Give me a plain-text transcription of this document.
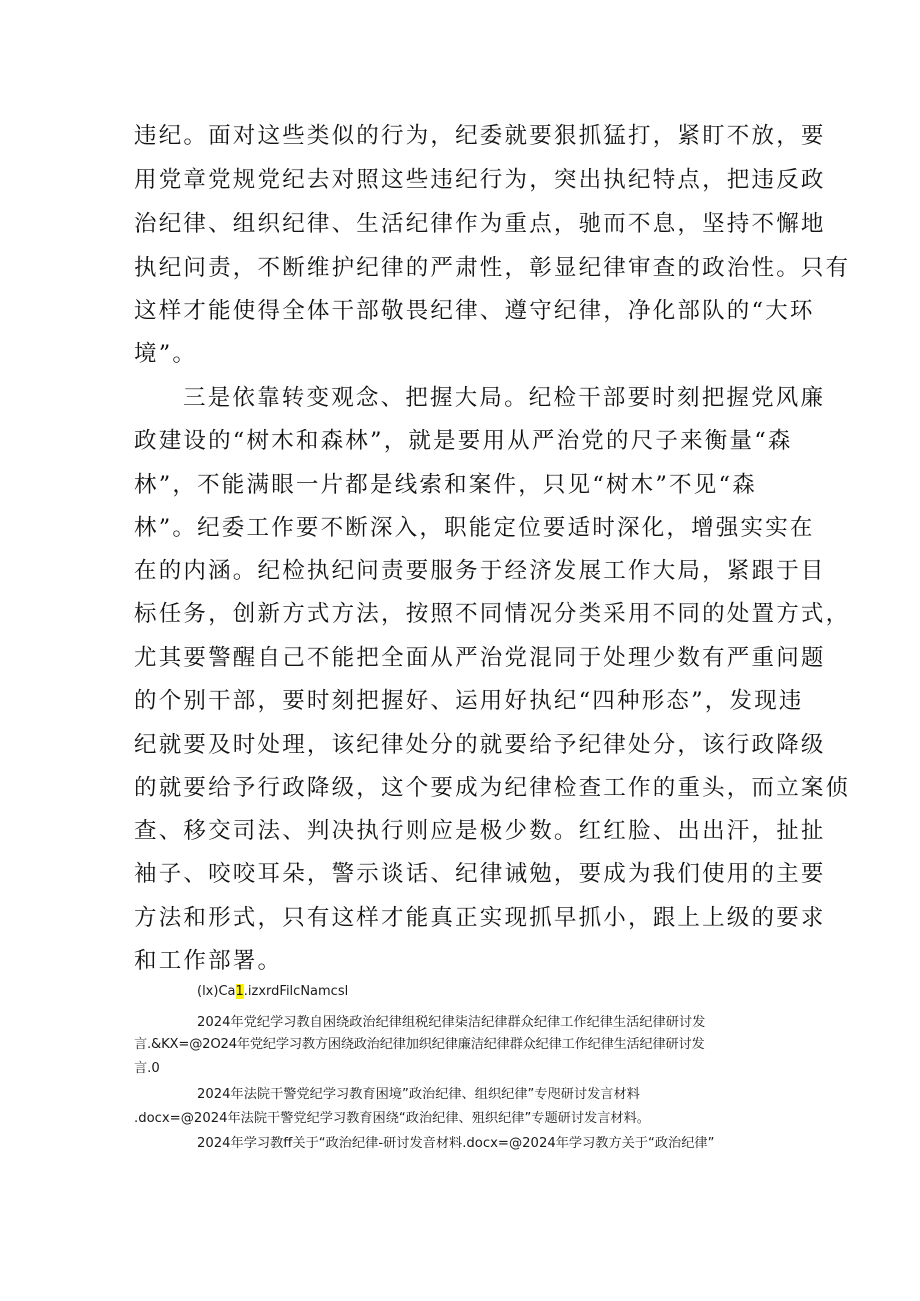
违纪。面对这些类似的行为，纪委就要狠抓猛打，紧盯不放，要
用党章党规党纪去对照这些违纪行为，突出执纪特点，把违反政
治纪律、组织纪律、生活纪律作为重点，驰而不息，坚持不懈地
执纪问责，不断维护纪律的严肃性，彰显纪律审查的政治性。只有
这样才能使得全体干部敬畏纪律、遵守纪律，净化部队的“大环
境”。
三是依靠转变观念、把握大局。纪检干部要时刻把握党风廉
政建设的“树木和森林”，就是要用从严治党的尺子来衡量“森
林”，不能满眼一片都是线索和案件，只见“树木”不见“森
林”。纪委工作要不断深入，职能定位要适时深化，增强实实在
在的内涵。纪检执纪问责要服务于经济发展工作大局，紧跟于目
标任务，创新方式方法，按照不同情况分类采用不同的处置方式，
尤其要警醒自己不能把全面从严治党混同于处理少数有严重问题
的个别干部，要时刻把握好、运用好执纪“四种形态”，发现违
纪就要及时处理，该纪律处分的就要给予纪律处分，该行政降级
的就要给予行政降级，这个要成为纪律检查工作的重头，而立案侦
查、移交司法、判决执行则应是极少数。红红脸、出出汗，扯扯
袖子、咬咬耳朵，警示谈话、纪律诫勉，要成为我们使用的主要
方法和形式，只有这样才能真正实现抓早抓小，跟上上级的要求
和工作部署。
(lx)Ca1.izxrdFilcNamcsl
2024年党纪学习教自困绕政治纪律组税纪律柒洁纪律群众纪律工作纪律生活纪律研讨发
言.&KX=@2O24年党纪学习教方困绕政治纪律加织纪律廉洁纪律群众纪律工作纪律生活纪律研讨发
言.0
2024年法院干警党纪学习教育困境”政治纪律、组织纪律”专咫研讨发言材料
.docx=@2024年法院干警党纪学习教育困绕“政治纪律、殂织纪律”专题研讨发言材料。
2024年学习教ff关于“政治纪律-研讨发音材料.docx=@2024年学习教方关于“政治纪律”
